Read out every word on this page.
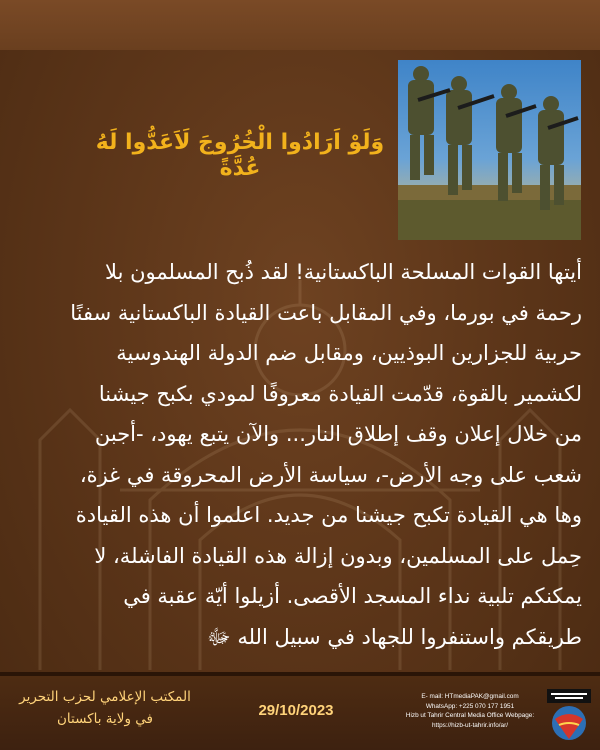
وَلَوْ اَرَادُوا الْخُرُوجَ لَاَعَدُّوا لَهُ عُدَّةً
أيتها القوات المسلحة الباكستانية! لقد ذُبح المسلمون بلا
رحمة في بورما، وفي المقابل باعت القيادة الباكستانية سفنًا
حربية للجزارين البوذيين، ومقابل ضم الدولة الهندوسية
لكشمير بالقوة، قدّمت القيادة معروفًا لمودي بكبح جيشنا
من خلال إعلان وقف إطلاق النار... والآن يتبع يهود، -أجبن
شعب على وجه الأرض-، سياسة الأرض المحروقة في غزة،
وها هي القيادة تكبح جيشنا من جديد. اعلموا أن هذه القيادة
حِمل على المسلمين، وبدون إزالة هذه القيادة الفاشلة، لا
يمكنكم تلبية نداء المسجد الأقصى. أزيلوا أيّة عقبة في
طريقكم واستنفروا للجهاد في سبيل الله ﷻ
المكتب الإعلامي لحزب التحرير
في ولاية باكستان	29/10/2023
E- mail: HTmediaPAK@gmail.com
WhatsApp: +225 070 177 1951
Hizb ut Tahrir Central Media Office Webpage:
https://hizb-ut-tahrir.info/ar/
